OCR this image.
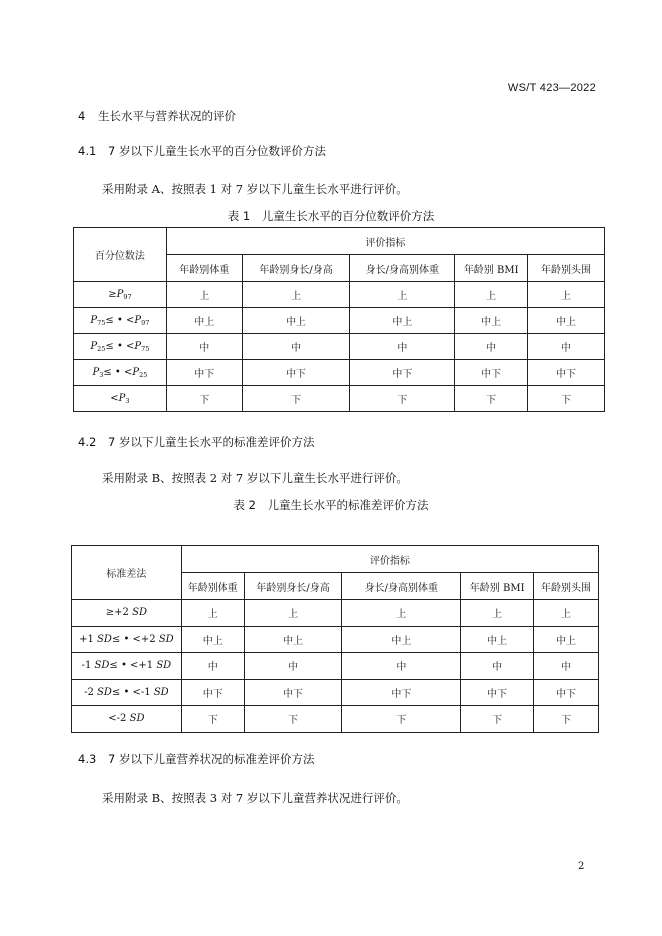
WS/T 423—2022
4 生长水平与营养状况的评价
4.1 7 岁以下儿童生长水平的百分位数评价方法
采用附录 A、按照表 1 对 7 岁以下儿童生长水平进行评价。
表 1　儿童生长水平的百分位数评价方法
百分位数法	评价指标				
	年龄别体重	年龄别身长/身高	身长/身高别体重	年龄别 BMI	年龄别头围
$\ge P_{97}$	上	上	上	上	上
$P_{75}\le$ • $<P_{97}$	中上	中上	中上	中上	中上
$P_{25}\le$ • $<P_{75}$	中	中	中	中	中
$P_3\le$ • $<P_{25}$	中下	中下	中下	中下	中下
$<P_3$	下	下	下	下	下
表 2　儿童生长水平的标准差评价方法
4.2 7 岁以下儿童生长水平的标准差评价方法
采用附录 B、按照表 2 对 7 岁以下儿童生长水平进行评价。
标准差法	评价指标				
	年龄别体重	年龄别身长/身高	身长/身高别体重	年龄别 BMI	年龄别头围
≥+2 SD	上	上	上	上	上
+1 SD≤ • <+2 SD	中上	中上	中上	中上	中上
-1 SD≤ • <+1 SD	中	中	中	中	中
-2 SD≤ • <-1 SD	中下	中下	中下	中下	中下
<-2 SD	下	下	下	下	下
4.3 7 岁以下儿童营养状况的标准差评价方法
采用附录 B、按照表 3 对 7 岁以下儿童营养状况进行评价。
2
